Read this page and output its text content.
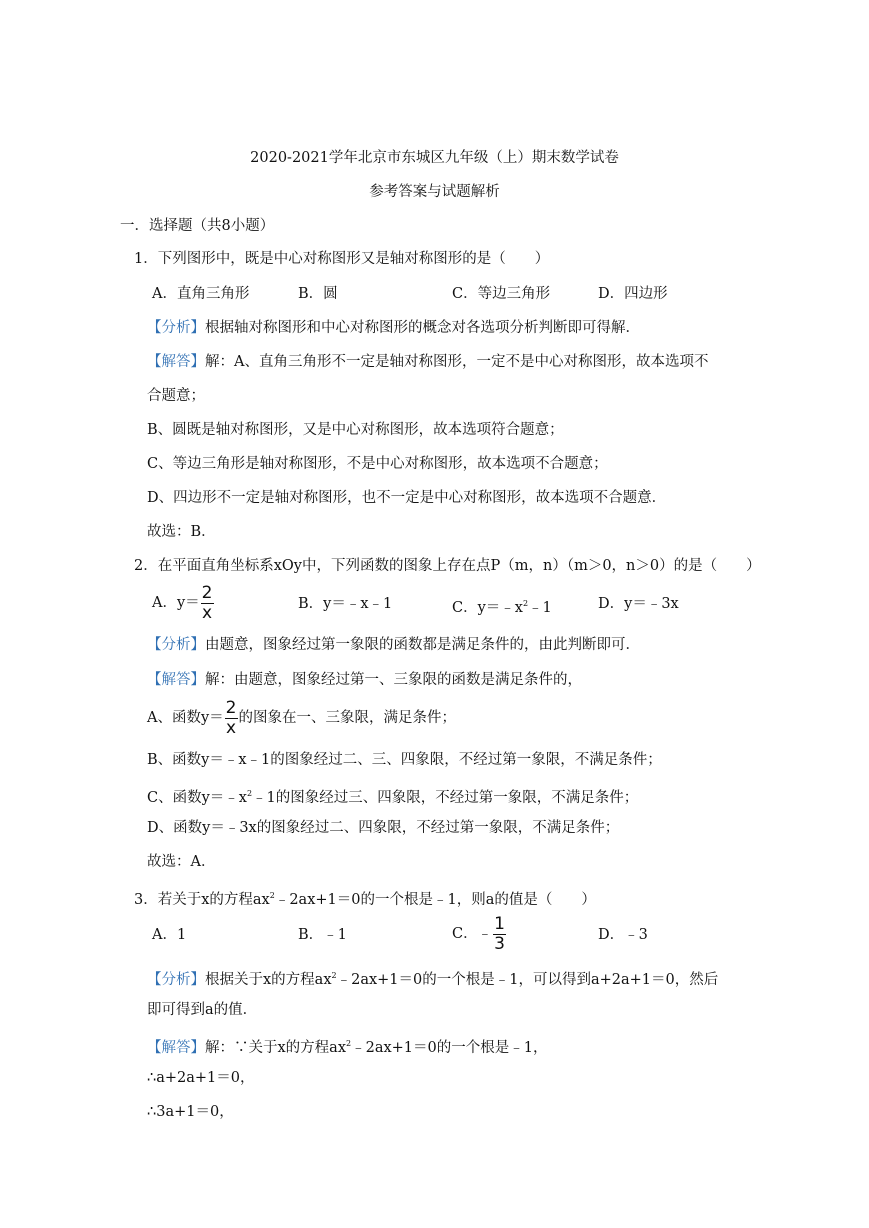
2020-2021学年北京市东城区九年级（上）期末数学试卷
参考答案与试题解析
一．选择题（共8小题）
1．下列图形中，既是中心对称图形又是轴对称图形的是（　　）
A．直角三角形	B．圆	C．等边三角形	D．四边形
【分析】根据轴对称图形和中心对称图形的概念对各选项分析判断即可得解．
【解答】解：A、直角三角形不一定是轴对称图形，一定不是中心对称图形，故本选项不
合题意；
B、圆既是轴对称图形，又是中心对称图形，故本选项符合题意；
C、等边三角形是轴对称图形，不是中心对称图形，故本选项不合题意；
D、四边形不一定是轴对称图形，也不一定是中心对称图形，故本选项不合题意．
故选：B．
2．在平面直角坐标系xOy中，下列函数的图象上存在点P（m，n）（m＞0，n＞0）的是（　　）
A．$y= \frac{2}{x}$	B．y＝﹣x﹣1	C．$y=﹣x^2﹣1$	D．y＝﹣3x
【分析】由题意，图象经过第一象限的函数都是满足条件的，由此判断即可．
【解答】解：由题意，图象经过第一、三象限的函数是满足条件的，
A、函数$y= \frac{2}{x}$ 的图象在一、三象限，满足条件；
B、函数y＝﹣x﹣1的图象经过二、三、四象限，不经过第一象限，不满足条件；
C、函数$y=﹣x^2﹣1$的图象经过三、四象限，不经过第一象限，不满足条件；
D、函数y＝﹣3x的图象经过二、四象限，不经过第一象限，不满足条件；
故选：A．
3．若关于x的方程$ax^2﹣2ax+1=0$的一个根是﹣1，则a的值是（　　）
A．1	B．﹣1	C．﹣ $\frac{1}{3}$	D．﹣3
【分析】根据关于x的方程$ax^2﹣2ax+1=0$的一个根是﹣1，可以得到a+2a+1＝0，然后
即可得到a的值．
【解答】解：∵关于x的方程$ax^2﹣2ax+1=0$的一个根是﹣1，
∴a+2a+1＝0，
∴3a+1＝0，
